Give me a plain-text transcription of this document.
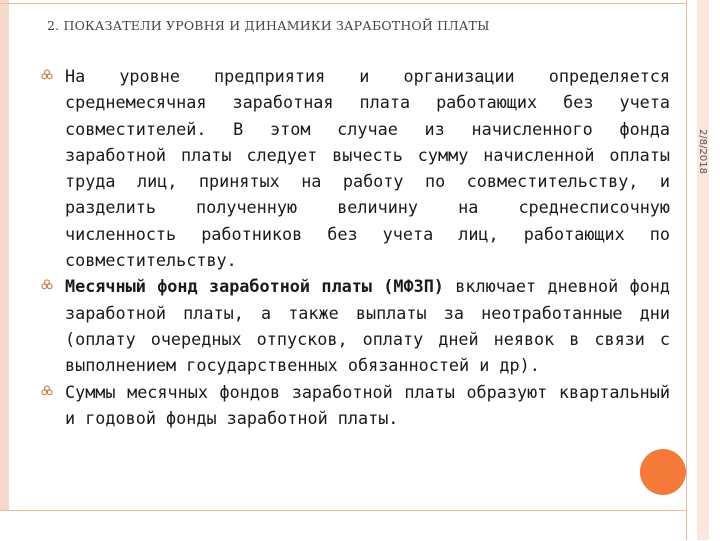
2. ПОКАЗАТЕЛИ УРОВНЯ И ДИНАМИКИ ЗАРАБОТНОЙ ПЛАТЫ
2/8/2018
На уровне предприятия и организации определяется среднемесячная заработная плата работающих без учета совместителей. В этом случае из начисленного фонда заработной платы следует вычесть сумму начисленной оплаты труда лиц, принятых на работу по совместительству, и разделить полученную величину на среднесписочную численность работников без учета лиц, работающих по совместительству.
Месячный фонд заработной платы (МФЗП) включает дневной фонд заработной платы, а также выплаты за неотработанные дни (оплату очередных отпусков, оплату дней неявок в связи с выполнением государственных обязанностей и др).
Суммы месячных фондов заработной платы образуют квартальный и годовой фонды заработной платы.
